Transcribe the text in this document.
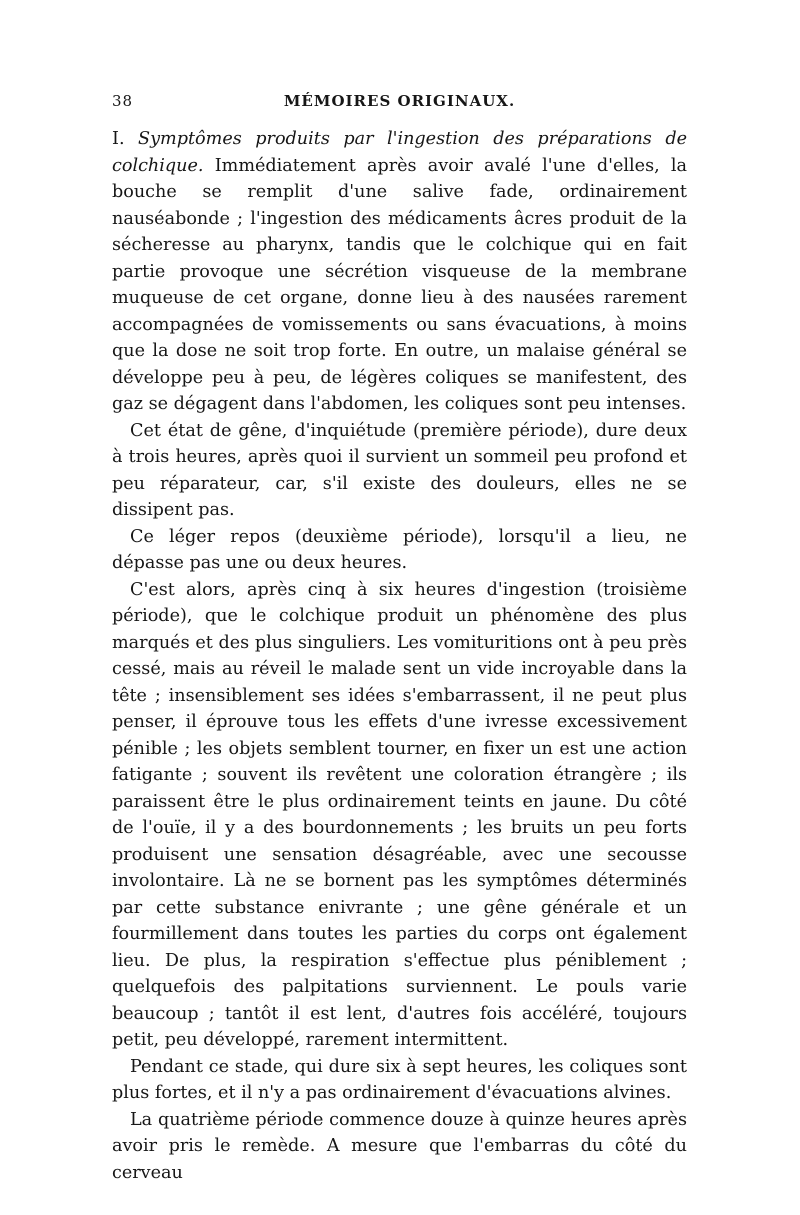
38	MÉMOIRES ORIGINAUX.

I. Symptômes produits par l'ingestion des préparations de colchique. Immédiatement après avoir avalé l'une d'elles, la bouche se remplit d'une salive fade, ordinairement nauséabonde ; l'ingestion des médicaments âcres produit de la sécheresse au pharynx, tandis que le colchique qui en fait partie provoque une sécrétion visqueuse de la membrane muqueuse de cet organe, donne lieu à des nausées rarement accompagnées de vomissements ou sans évacuations, à moins que la dose ne soit trop forte. En outre, un malaise général se développe peu à peu, de légères coliques se manifestent, des gaz se dégagent dans l'abdomen, les coliques sont peu intenses.

Cet état de gêne, d'inquiétude (première période), dure deux à trois heures, après quoi il survient un sommeil peu profond et peu réparateur, car, s'il existe des douleurs, elles ne se dissipent pas.

Ce léger repos (deuxième période), lorsqu'il a lieu, ne dépasse pas une ou deux heures.

C'est alors, après cinq à six heures d'ingestion (troisième période), que le colchique produit un phénomène des plus marqués et des plus singuliers. Les vomituritions ont à peu près cessé, mais au réveil le malade sent un vide incroyable dans la tête ; insensiblement ses idées s'embarrassent, il ne peut plus penser, il éprouve tous les effets d'une ivresse excessivement pénible ; les objets semblent tourner, en fixer un est une action fatigante ; souvent ils revêtent une coloration étrangère ; ils paraissent être le plus ordinairement teints en jaune. Du côté de l'ouïe, il y a des bourdonnements ; les bruits un peu forts produisent une sensation désagréable, avec une secousse involontaire. Là ne se bornent pas les symptômes déterminés par cette substance enivrante ; une gêne générale et un fourmillement dans toutes les parties du corps ont également lieu. De plus, la respiration s'effectue plus péniblement ; quelquefois des palpitations surviennent. Le pouls varie beaucoup ; tantôt il est lent, d'autres fois accéléré, toujours petit, peu développé, rarement intermittent.

Pendant ce stade, qui dure six à sept heures, les coliques sont plus fortes, et il n'y a pas ordinairement d'évacuations alvines.

La quatrième période commence douze à quinze heures après avoir pris le remède. A mesure que l'embarras du côté du cerveau
